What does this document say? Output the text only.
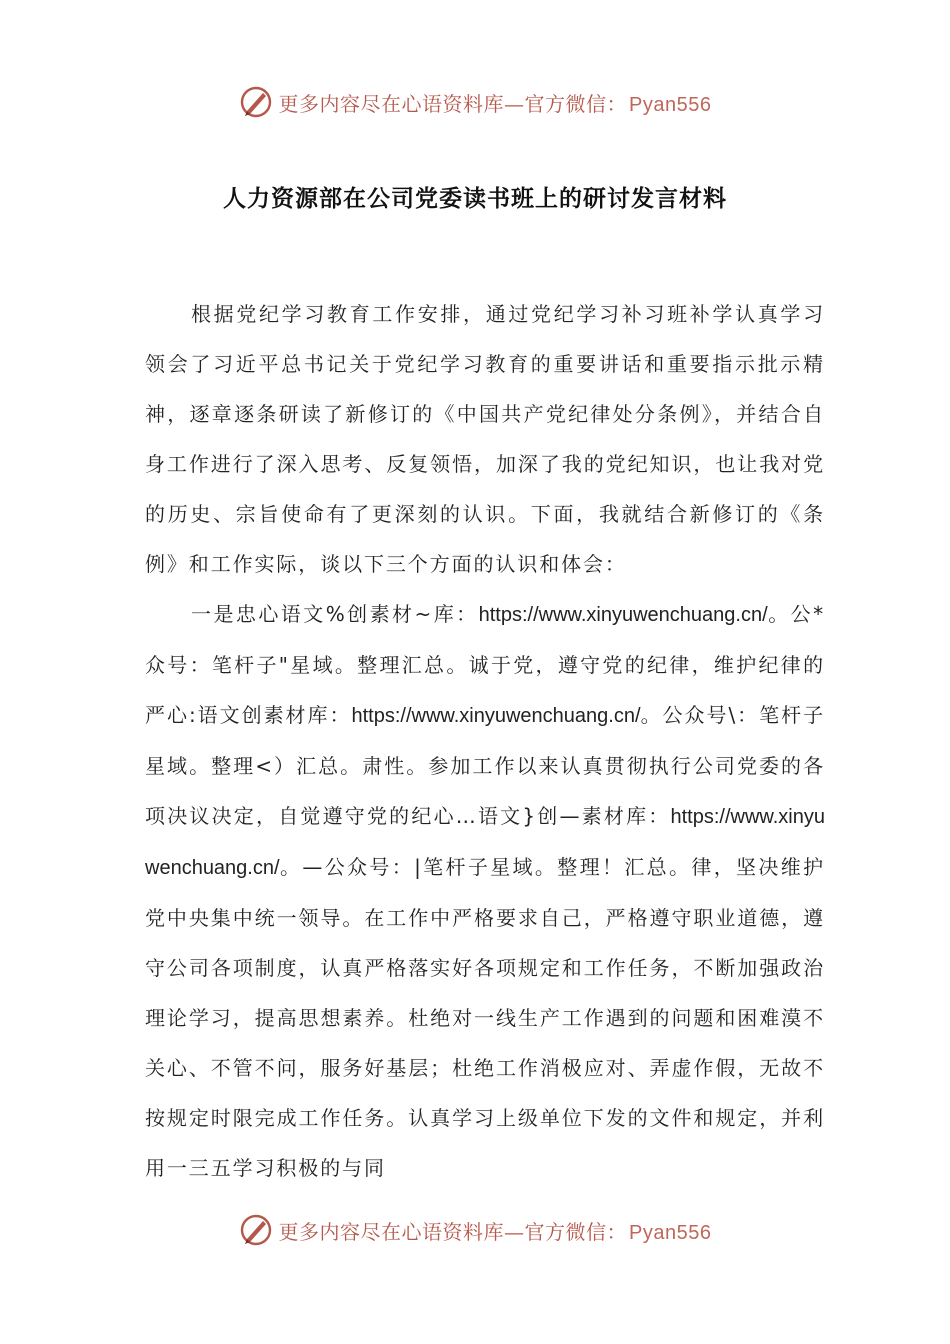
更多内容尽在心语资料库—官方微信： Pyan556
人力资源部在公司党委读书班上的研讨发言材料

根据党纪学习教育工作安排，通过党纪学习补习班补学认真学习领会了习近平总书记关于党纪学习教育的重要讲话和重要指示批示精神，逐章逐条研读了新修订的《中国共产党纪律处分条例》，并结合自身工作进行了深入思考、反复领悟，加深了我的党纪知识，也让我对党的历史、宗旨使命有了更深刻的认识。下面，我就结合新修订的《条例》和工作实际，谈以下三个方面的认识和体会：

一是忠心语文%创素材~库：https://www.xinyuwenchuang.cn/。公*众号：笔杆子"星域。整理汇总。诚于党，遵守党的纪律，维护纪律的严心:语文创素材库：https://www.xinyuwenchuang.cn/。公众号\：笔杆子星域。整理<）汇总。肃性。参加工作以来认真贯彻执行公司党委的各项决议决定，自觉遵守党的纪心…语文}创—素材库：https://www.xinyuwenchuang.cn/。—公众号：|笔杆子星域。整理！汇总。律，坚决维护党中央集中统一领导。在工作中严格要求自己，严格遵守职业道德，遵守公司各项制度，认真严格落实好各项规定和工作任务，不断加强政治理论学习，提高思想素养。杜绝对一线生产工作遇到的问题和困难漠不关心、不管不问，服务好基层；杜绝工作消极应对、弄虚作假，无故不按规定时限完成工作任务。认真学习上级单位下发的文件和规定，并利用一三五学习积极的与同

更多内容尽在心语资料库—官方微信： Pyan556
